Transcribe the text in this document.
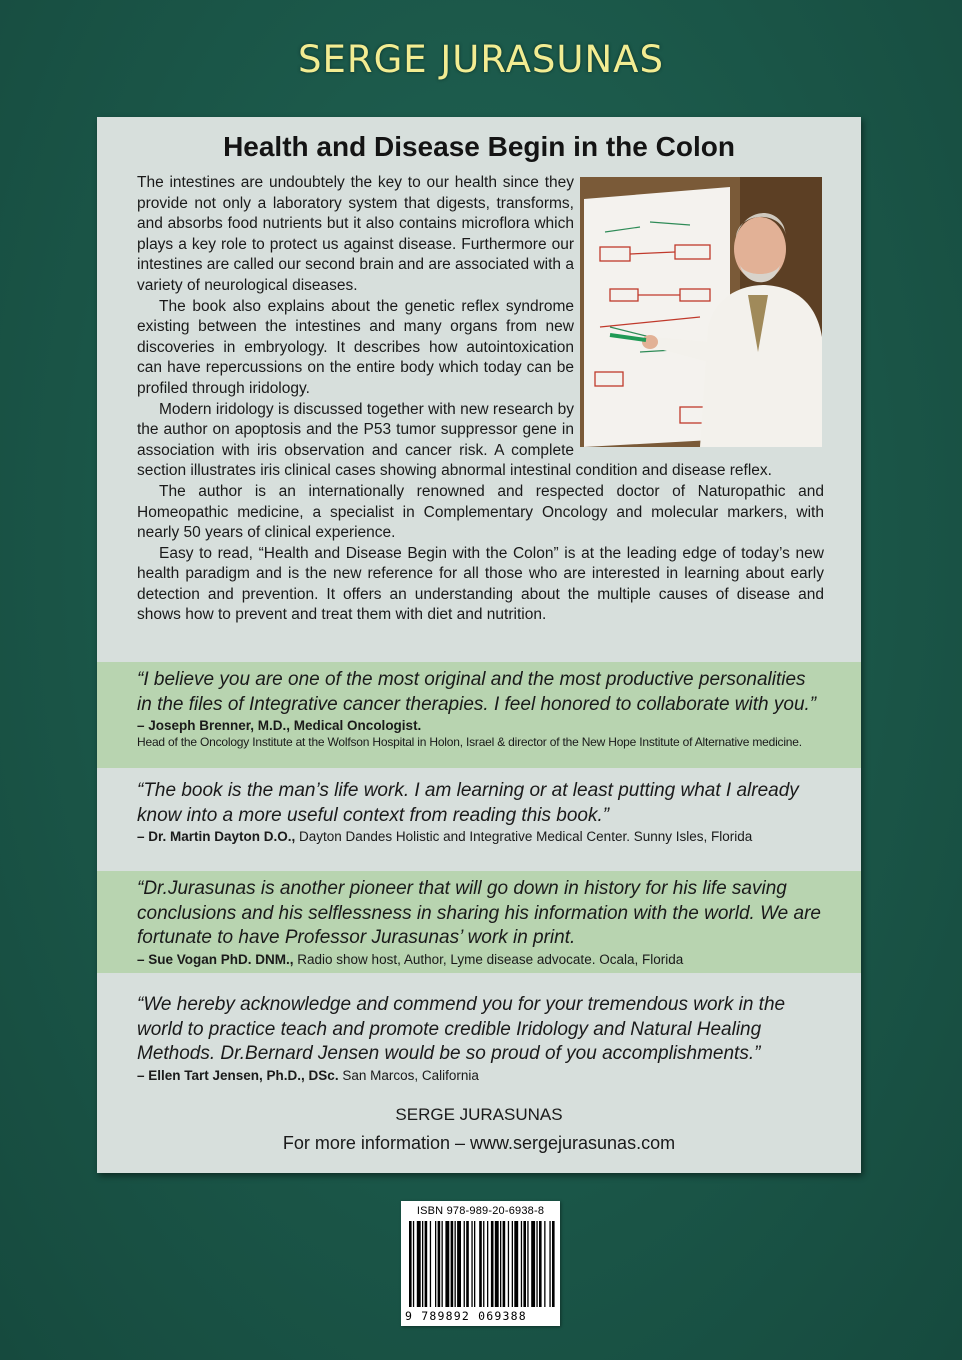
SERGE JURASUNAS
Health and Disease Begin in the Colon

The intestines are undoubtely the key to our health since they provide not only a laboratory system that digests, transforms, and absorbs food nutrients but it also contains microflora which plays a key role to protect us against disease. Furthermore our intestines are called our second brain and are associated with a variety of neurological diseases.

The book also explains about the genetic reflex syndrome existing between the intestines and many organs from new discoveries in embryology. It describes how autointoxication can have repercussions on the entire body which today can be profiled through iridology.

Modern iridology is discussed together with new research by the author on apoptosis and the P53 tumor suppressor gene in association with iris observation and cancer risk. A complete section illustrates iris clinical cases showing abnormal intestinal condition and disease reflex.

The author is an internationally renowned and respected doctor of Naturopathic and Homeopathic medicine, a specialist in Complementary Oncology and molecular markers, with nearly 50 years of clinical experience.

Easy to read, “Health and Disease Begin with the Colon” is at the leading edge of today’s new health paradigm and is the new reference for all those who are interested in learning about early detection and prevention. It offers an understanding about the multiple causes of disease and shows how to prevent and treat them with diet and nutrition.

“I believe you are one of the most original and the most productive personalities in the files of Integrative cancer therapies. I feel honored to collaborate with you.”
– Joseph Brenner, M.D., Medical Oncologist.
Head of the Oncology Institute at the Wolfson Hospital in Holon, Israel & director of the New Hope Institute of Alternative medicine.
“The book is the man’s life work. I am learning or at least putting what I already know into a more useful context from reading this book.”
– Dr. Martin Dayton D.O., Dayton Dandes Holistic and Integrative Medical Center. Sunny Isles, Florida
“Dr.Jurasunas is another pioneer that will go down in history for his life saving conclusions and his selflessness in sharing his information with the world. We are fortunate to have Professor Jurasunas’ work in print.
– Sue Vogan PhD. DNM., Radio show host, Author, Lyme disease advocate. Ocala, Florida
“We hereby acknowledge and commend you for your tremendous work in the world to practice teach and promote credible Iridology and Natural Healing Methods. Dr.Bernard Jensen would be so proud of you accomplishments.”
– Ellen Tart Jensen, Ph.D., DSc. San Marcos, California
SERGE JURASUNAS
For more information – www.sergejurasunas.com
ISBN 978-989-20-6938-8
9 789892 069388
